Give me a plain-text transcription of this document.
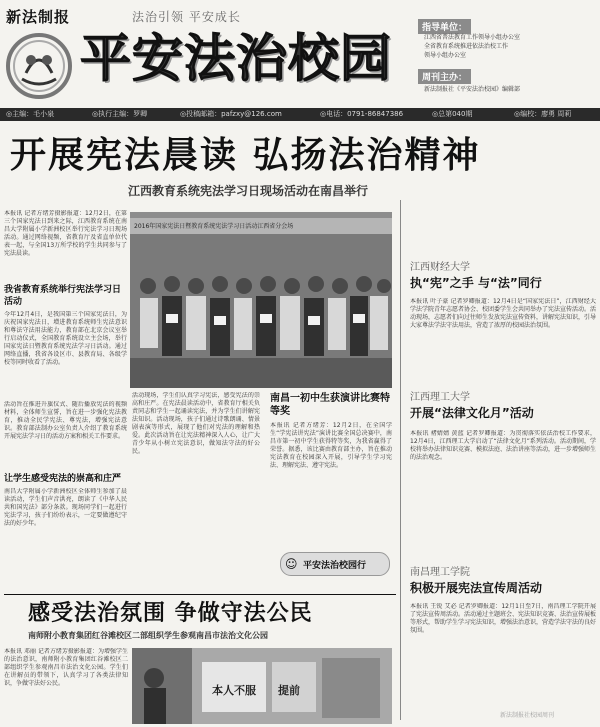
新法制报	法治引领 平安成长
平安法治校园
指导单位：
江西省普法教育工作领导小组办公室
全省教育系统推进依法治校工作
领导小组办公室
周刊主办：
新法制报社《平安法治校园》编辑部
◎主编：毛小泉	◎执行主编：罗卿	◎投稿邮箱：pafzxy@126.com	◎电话：0791-86847386	◎总第040期	◎编校：廖勇 周莉
开展宪法晨读 弘扬法治精神
江西教育系统宪法学习日现场活动在南昌举行
本报讯 记者方绪芳摄影报道：12月2日，在第三个国家宪法日到来之际，江西教育系统在南昌大学附属小学新洲校区举行宪法学习日现场活动。通过网络视频，省教育厅及省直单位代表一起，与全国13万所学校的学生共同参与了宪法晨读。
我省教育系统举行宪法学习日活动
今年12月4日，是我国第三个国家宪法日，为庆祝国家宪法日，增进教育系统师生宪法意识和尊法守法用法能力，教育部在北京会议室举行启动仪式，全国教育系统设立主会场，举行国家宪法日暨教育系统宪法学习日活动。通过网络直播，我省各设区市、县教育局、各级学校等同时收看了活动。
活动旨在推进升旗仪式、随后播放宪法的视频材料，全体师生宣誓，旨在进一步强化宪法教育，推动全民学宪法、尊宪法，增强宪法意识。教育部法制办公室负责人介绍了教育系统开展宪法学习日的活动方案和相关工作要求。
让学生感受宪法的崇高和庄严
南昌大学附属小学新洲校区全体师生参加了晨读活动，学生们声音洪亮，朗读了《中华人民共和国宪法》部分条款。现场同学们一起进行宪法学习，孩子们纷纷表示，一定要做遵纪守法的好少年。
2016年国家宪法日暨教育系统宪法学习日活动江西省分会场
活动现场，学生们认真学习宪法，感受宪法的崇高和庄严。在宪法晨读活动中，省教育厅相关负责同志和学生一起诵读宪法，并为学生们讲解宪法知识。活动现场，孩子们通过诗歌朗诵、情景剧表演等形式，展现了他们对宪法的理解和热爱。此次活动旨在让宪法精神深入人心，让广大青少年从小树立宪法意识，做知法守法的好公民。
南昌一初中生获演讲比赛特等奖
本报讯 记者方绪芳：12月2日，在全国学生“学宪法讲宪法”演讲比赛全国总决赛中，南昌市第一初中学生获得特等奖，为我省赢得了荣誉。据悉，该比赛由教育部主办，旨在推动宪法教育在校园深入开展，引导学生学习宪法、理解宪法、遵守宪法。
☺ 平安法治校园行
江西财经大学
执“宪”之手 与“法”同行
本报讯 叶子豪 记者罗卿报道：12月4日是“国家宪法日”，江西财经大学法学院青年志愿者协会、校团委学生会共同举办了宪法宣传活动。活动现场，志愿者们向过往师生发放宪法宣传资料，讲解宪法知识，引导大家尊法学法守法用法，营造了浓厚的校园法治氛围。
江西理工大学
开展“法律文化月”活动
本报讯 褚婧婧 黄蓝 记者罗卿报道：为贯彻落实依法治校工作要求，12月4日，江西理工大学启动了“法律文化月”系列活动。活动期间，学校将举办法律知识竞赛、模拟法庭、法治讲座等活动，进一步增强师生的法治观念。
南昌理工学院
积极开展宪法宣传周活动
本报讯 王锐 艾必 记者罗卿报道：12月1日至7日，南昌理工学院开展了宪法宣传周活动。活动通过主题班会、宪法知识竞赛、法治宣传展板等形式，帮助学生学习宪法知识，增强法治意识，营造学法守法的良好氛围。
感受法治氛围 争做守法公民
南师附小教育集团红谷滩校区二部组织学生参观南昌市法治文化公园
本报讯 邓丽 记者方绪芳摄影报道：为增强学生的法治意识，南师附小教育集团红谷滩校区二部组织学生参观南昌市法治文化公园。学生们在讲解员的带领下，认真学习了各类法律知识，争做守法好公民。
本人不服 提前
新法制报社校园周刊
